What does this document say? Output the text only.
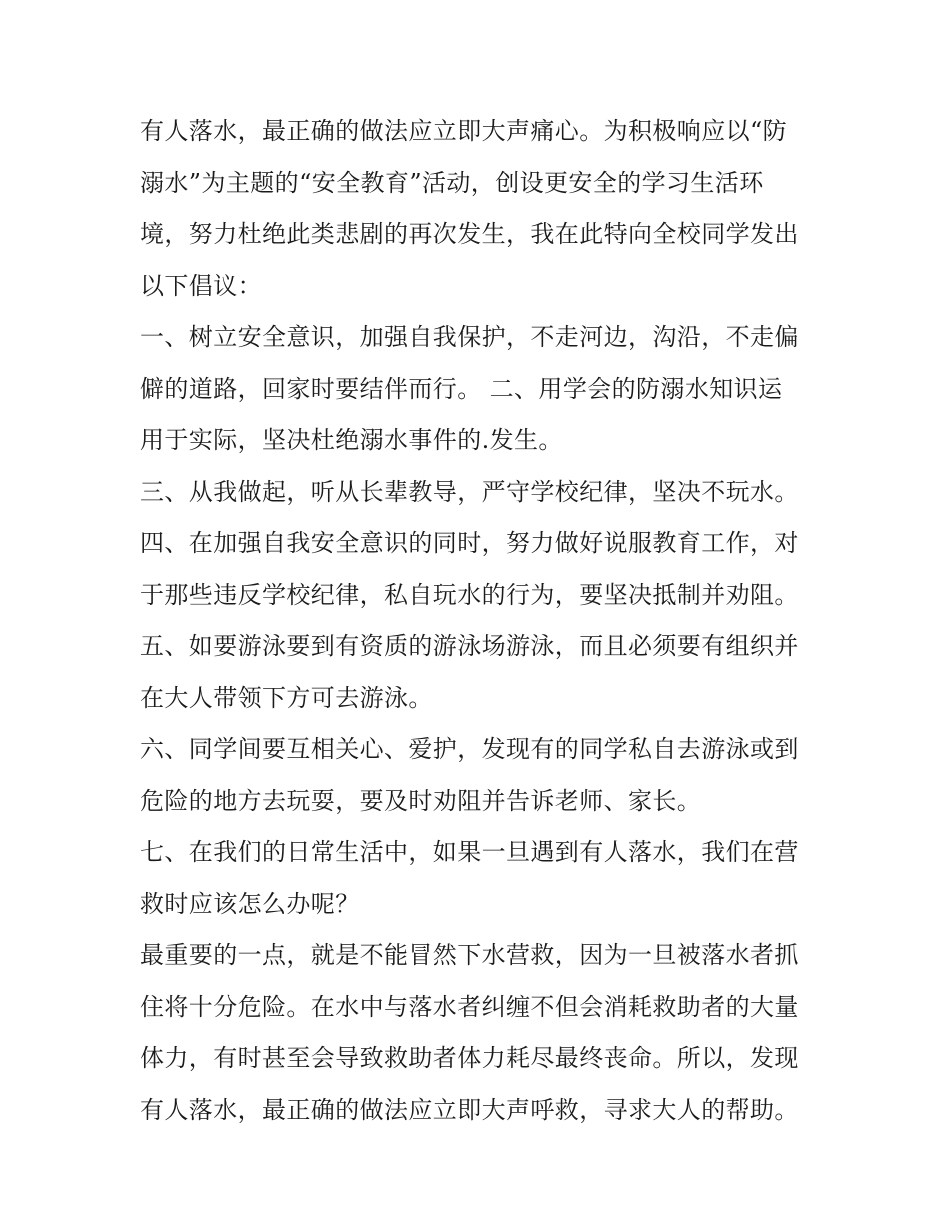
有人落水，最正确的做法应立即大声痛心。为积极响应以“防

溺水”为主题的“安全教育”活动，创设更安全的学习生活环

境，努力杜绝此类悲剧的再次发生，我在此特向全校同学发出

以下倡议：

一、树立安全意识，加强自我保护，不走河边，沟沿，不走偏

僻的道路，回家时要结伴而行。 二、用学会的防溺水知识运

用于实际，坚决杜绝溺水事件的.发生。

三、从我做起，听从长辈教导，严守学校纪律，坚决不玩水。

四、在加强自我安全意识的同时，努力做好说服教育工作，对

于那些违反学校纪律，私自玩水的行为，要坚决抵制并劝阻。

五、如要游泳要到有资质的游泳场游泳，而且必须要有组织并

在大人带领下方可去游泳。

六、同学间要互相关心、爱护，发现有的同学私自去游泳或到

危险的地方去玩耍，要及时劝阻并告诉老师、家长。

七、在我们的日常生活中，如果一旦遇到有人落水，我们在营

救时应该怎么办呢？

最重要的一点，就是不能冒然下水营救，因为一旦被落水者抓

住将十分危险。在水中与落水者纠缠不但会消耗救助者的大量

体力，有时甚至会导致救助者体力耗尽最终丧命。所以，发现

有人落水，最正确的做法应立即大声呼救，寻求大人的帮助。
